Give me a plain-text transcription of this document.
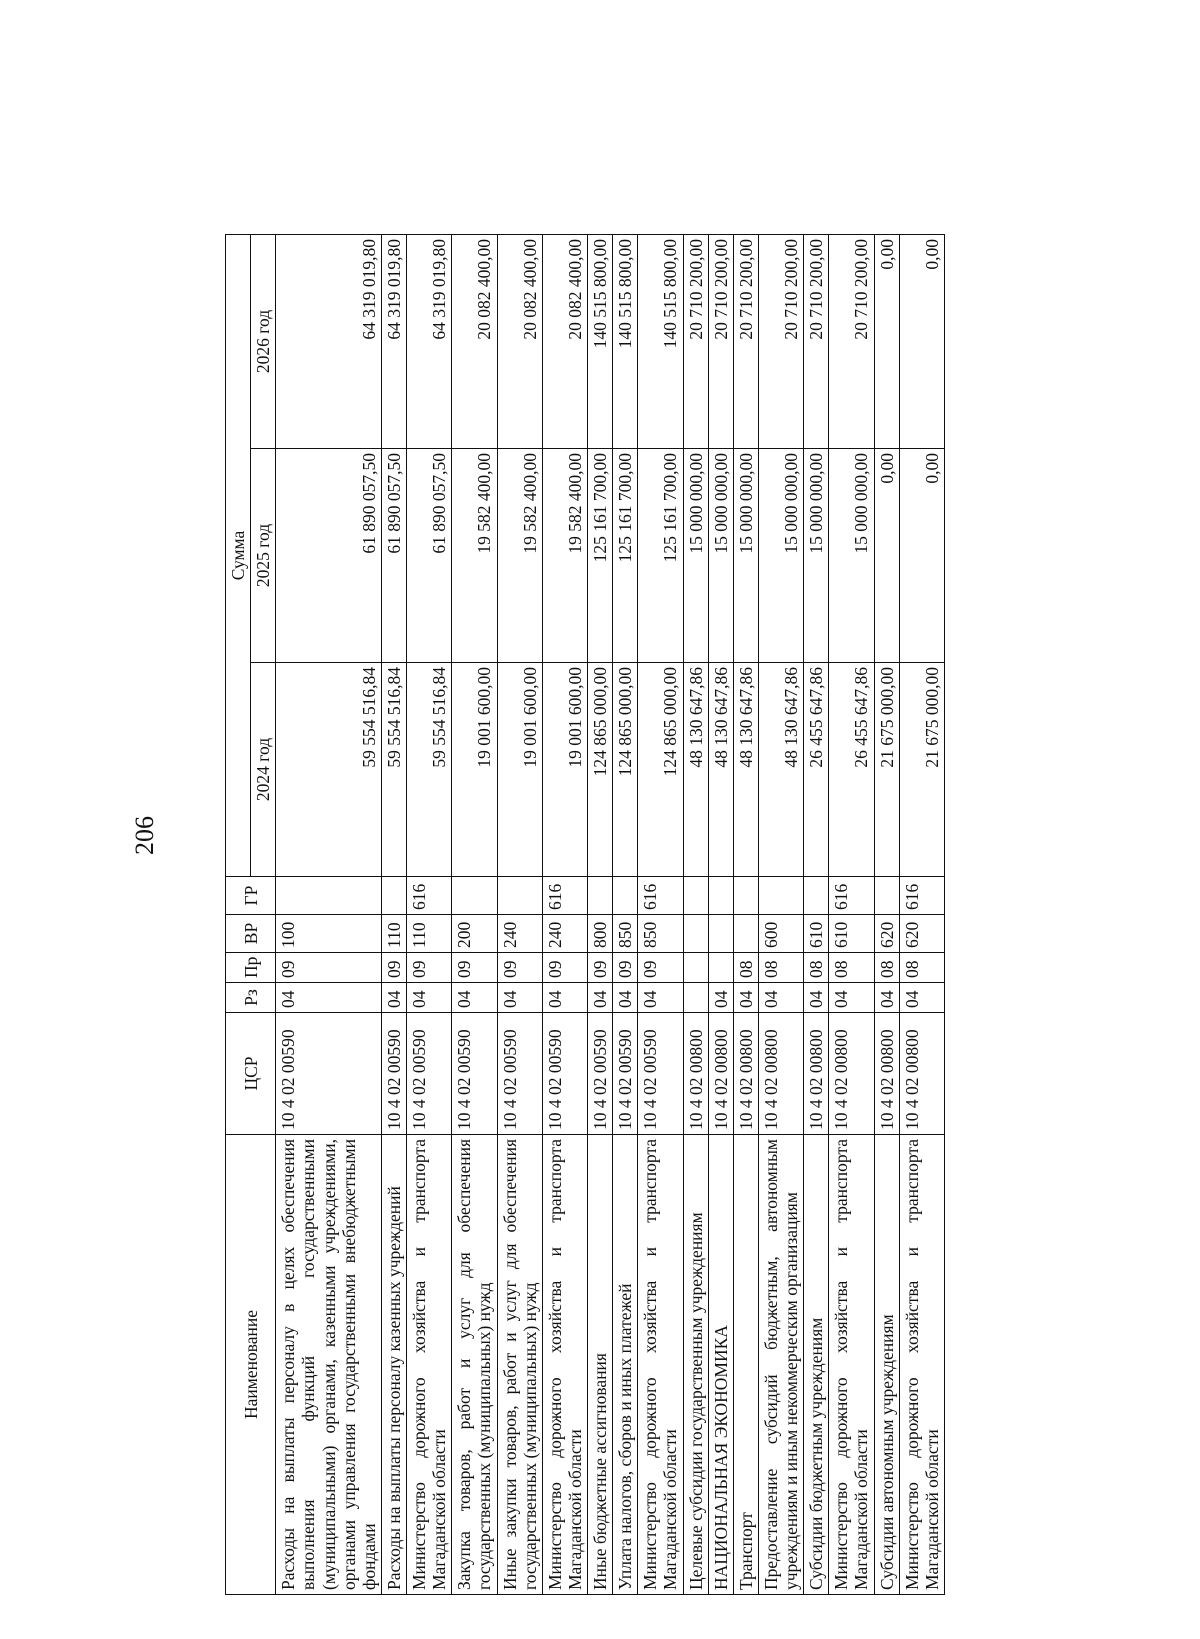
206
Наименование	ЦСР	Рз	Пр	ВР	ГР	Сумма		
						2024 год	2025 год	2026 год
Расходы на выплаты персоналу в целях обеспечения выполнения функций государственными (муниципальными) органами, казенными учреждениями, органами управления государственными внебюджетными фондами	10 4 02 00590	04	09	100		59 554 516,84	61 890 057,50	64 319 019,80
Расходы на выплаты персоналу казенных учреждений	10 4 02 00590	04	09	110		59 554 516,84	61 890 057,50	64 319 019,80
Министерство дорожного хозяйства и транспорта Магаданской области	10 4 02 00590	04	09	110	616	59 554 516,84	61 890 057,50	64 319 019,80
Закупка товаров, работ и услуг для обеспечения государственных (муниципальных) нужд	10 4 02 00590	04	09	200		19 001 600,00	19 582 400,00	20 082 400,00
Иные закупки товаров, работ и услуг для обеспечения государственных (муниципальных) нужд	10 4 02 00590	04	09	240		19 001 600,00	19 582 400,00	20 082 400,00
Министерство дорожного хозяйства и транспорта Магаданской области	10 4 02 00590	04	09	240	616	19 001 600,00	19 582 400,00	20 082 400,00
Иные бюджетные ассигнования	10 4 02 00590	04	09	800		124 865 000,00	125 161 700,00	140 515 800,00
Уплата налогов, сборов и иных платежей	10 4 02 00590	04	09	850		124 865 000,00	125 161 700,00	140 515 800,00
Министерство дорожного хозяйства и транспорта Магаданской области	10 4 02 00590	04	09	850	616	124 865 000,00	125 161 700,00	140 515 800,00
Целевые субсидии государственным учреждениям	10 4 02 00800					48 130 647,86	15 000 000,00	20 710 200,00
НАЦИОНАЛЬНАЯ ЭКОНОМИКА	10 4 02 00800	04				48 130 647,86	15 000 000,00	20 710 200,00
Транспорт	10 4 02 00800	04	08			48 130 647,86	15 000 000,00	20 710 200,00
Предоставление субсидий бюджетным, автономным учреждениям и иным некоммерческим организациям	10 4 02 00800	04	08	600		48 130 647,86	15 000 000,00	20 710 200,00
Субсидии бюджетным учреждениям	10 4 02 00800	04	08	610		26 455 647,86	15 000 000,00	20 710 200,00
Министерство дорожного хозяйства и транспорта Магаданской области	10 4 02 00800	04	08	610	616	26 455 647,86	15 000 000,00	20 710 200,00
Субсидии автономным учреждениям	10 4 02 00800	04	08	620		21 675 000,00	0,00	0,00
Министерство дорожного хозяйства и транспорта Магаданской области	10 4 02 00800	04	08	620	616	21 675 000,00	0,00	0,00
